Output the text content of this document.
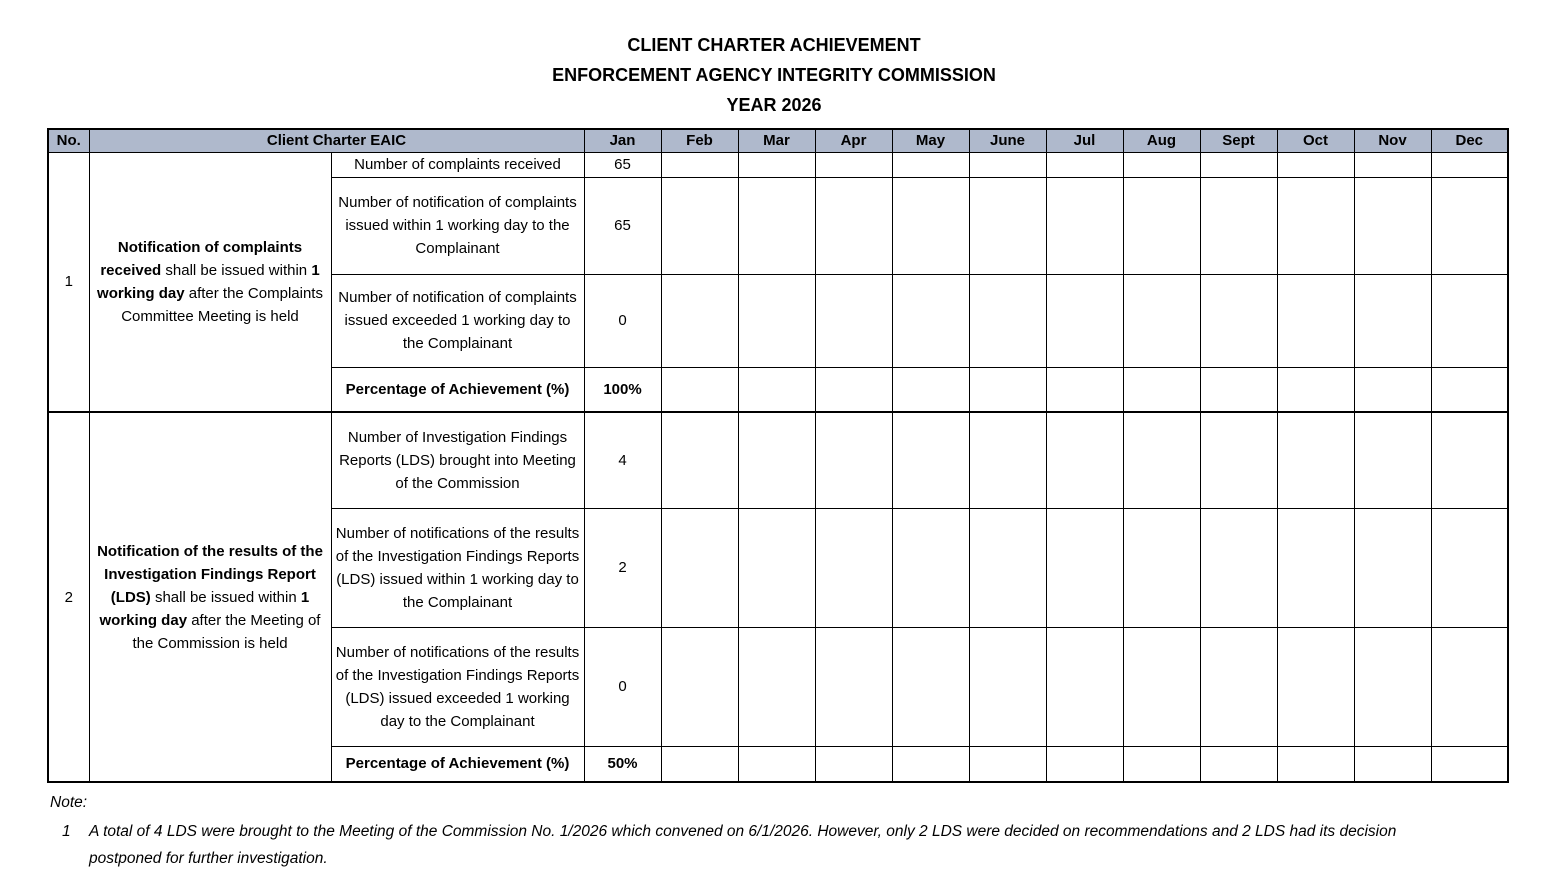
CLIENT CHARTER ACHIEVEMENT
ENFORCEMENT AGENCY INTEGRITY COMMISSION
YEAR 2026
No.	Client Charter EAIC		Jan	Feb	Mar	Apr	May	June	Jul	Aug	Sept	Oct	Nov	Dec
1	Notification of complaints received shall be issued within 1 working day after the Complaints Committee Meeting is held	Number of complaints received	65											
		Number of notification of complaints issued within 1 working day to the Complainant	65											
		Number of notification of complaints issued exceeded 1 working day to the Complainant	0											
		Percentage of Achievement (%)	100%											
2	Notification of the results of the Investigation Findings Report (LDS) shall be issued within 1 working day after the Meeting of the Commission is held	Number of Investigation Findings Reports (LDS) brought into Meeting of the Commission	4											
		Number of notifications of the results of the Investigation Findings Reports (LDS) issued within 1 working day to the Complainant	2											
		Number of notifications of the results of the Investigation Findings Reports (LDS) issued exceeded 1 working day to the Complainant	0											
		Percentage of Achievement (%)	50%											
Note:
1	A total of 4 LDS were brought to the Meeting of the Commission No. 1/2026 which convened on 6/1/2026. However, only 2 LDS were decided on recommendations and 2 LDS had its decision postponed for further investigation.
